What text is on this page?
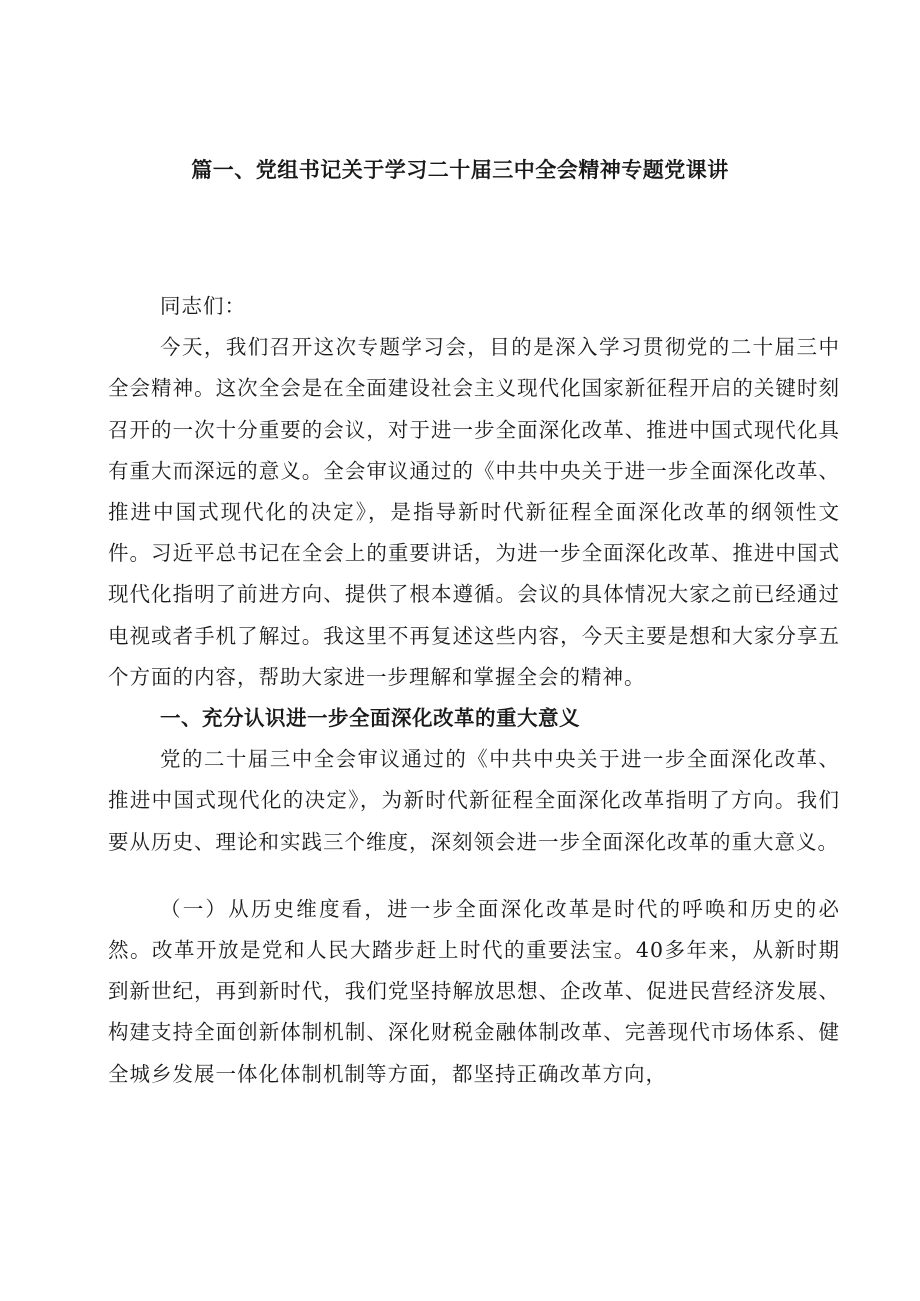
篇一、党组书记关于学习二十届三中全会精神专题党课讲

同志们：

今天，我们召开这次专题学习会，目的是深入学习贯彻党的二十届三中全会精神。这次全会是在全面建设社会主义现代化国家新征程开启的关键时刻召开的一次十分重要的会议，对于进一步全面深化改革、推进中国式现代化具有重大而深远的意义。全会审议通过的《中共中央关于进一步全面深化改革、推进中国式现代化的决定》，是指导新时代新征程全面深化改革的纲领性文件。习近平总书记在全会上的重要讲话，为进一步全面深化改革、推进中国式现代化指明了前进方向、提供了根本遵循。会议的具体情况大家之前已经通过电视或者手机了解过。我这里不再复述这些内容，今天主要是想和大家分享五个方面的内容，帮助大家进一步理解和掌握全会的精神。

一、充分认识进一步全面深化改革的重大意义

党的二十届三中全会审议通过的《中共中央关于进一步全面深化改革、推进中国式现代化的决定》，为新时代新征程全面深化改革指明了方向。我们要从历史、理论和实践三个维度，深刻领会进一步全面深化改革的重大意义。

（一）从历史维度看，进一步全面深化改革是时代的呼唤和历史的必然。改革开放是党和人民大踏步赶上时代的重要法宝。40多年来，从新时期到新世纪，再到新时代，我们党坚持解放思想、企改革、促进民营经济发展、构建支持全面创新体制机制、深化财税金融体制改革、完善现代市场体系、健全城乡发展一体化体制机制等方面，都坚持正确改革方向，
